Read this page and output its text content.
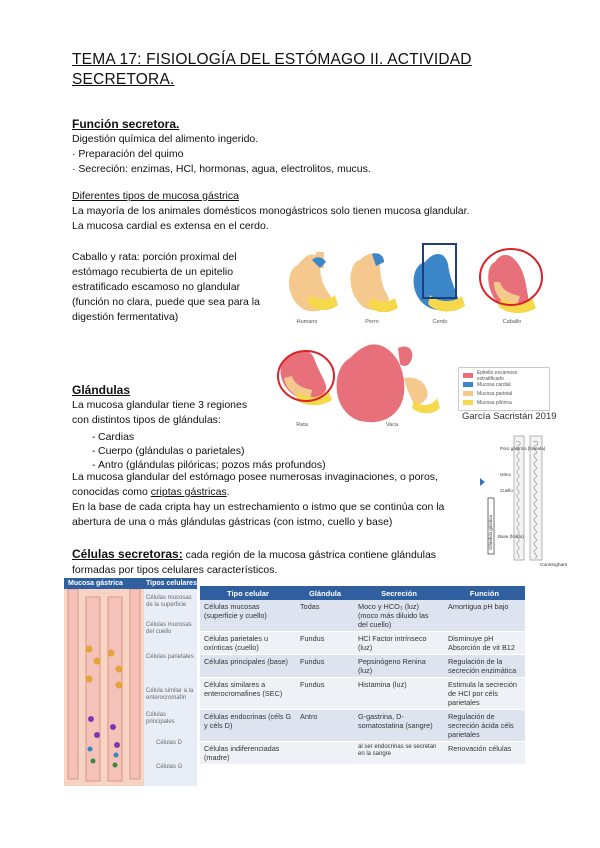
TEMA 17: FISIOLOGÍA DEL ESTÓMAGO II. ACTIVIDAD SECRETORA.
Función secretora.
Digestión química del alimento ingerido.
· Preparación del quimo
· Secreción: enzimas, HCl, hormonas, agua, electrolitos, mucus.
Diferentes tipos de mucosa gástrica
La mayoría de los animales domésticos monogástricos solo tienen mucosa glandular.
La mucosa cardial es extensa en el cerdo.
Caballo y rata: porción proximal del estómago recubierta de un epitelio estratificado escamoso no glandular (función no clara, puede que sea para la digestión fermentativa)	Humano	Perro	Cerdo	Caballo
Rata	Vaca
Epitelio escamoso estratificado
Mucosa cardial
Mucosa parietal
Mucosa pilórica
García Sacristán 2019
Glándulas
La mucosa glandular tiene 3 regiones
con distintos tipos de glándulas:
- Cardias
- Cuerpo (glándulas o parietales)
- Antro (glándulas pilóricas; pozos más profundos)
La mucosa glandular del estómago posee numerosas invaginaciones, o poros,
conocidas como criptas gástricas.
En la base de cada cripta hay un estrechamiento o istmo que se continúa con la
abertura de una o más glándulas gástricas (con istmo, cuello y base)	Glándula gástrica
Poro gástrico (foveola)
Istmo
Cuello
Base (fondo)
Cunningham
Células secretoras: cada región de la mucosa gástrica contiene glándulas
formadas por tipos celulares característicos.
Mucosa gástrica	Tipos celulares
Células mucosas de la superficie
Células mucosas del cuello
Células parietales
Célula similar a la enterocromafín
Células principales
Células D
Células G
Tipo celular	Glándula	Secreción	Función
Células mucosas (superficie y cuello)	Todas	Moco y HCO₃ (luz) (moco más diluido las del cuello)	Amortigua pH bajo
Células parietales u oxínticas (cuello)	Fundus	HCl Factor intrínseco (luz)	Disminuye pH Absorción de vit B12
Células principales (base)	Fundus	Pepsinógeno Renina (luz)	Regulación de la secreción enzimática
Células similares a enterocromafines (SEC)	Fundus	Histamina (luz)	Estimula la secreción de HCl por céls parietales
Células endocrinas (céls G y céls D)	Antro	G-gastrina, D-somatostatina (sangre)	Regulación de secreción ácida céls parietales
Células indiferenciadas (madre)		al ser endocrinas se secretan en la sangre	Renovación células
